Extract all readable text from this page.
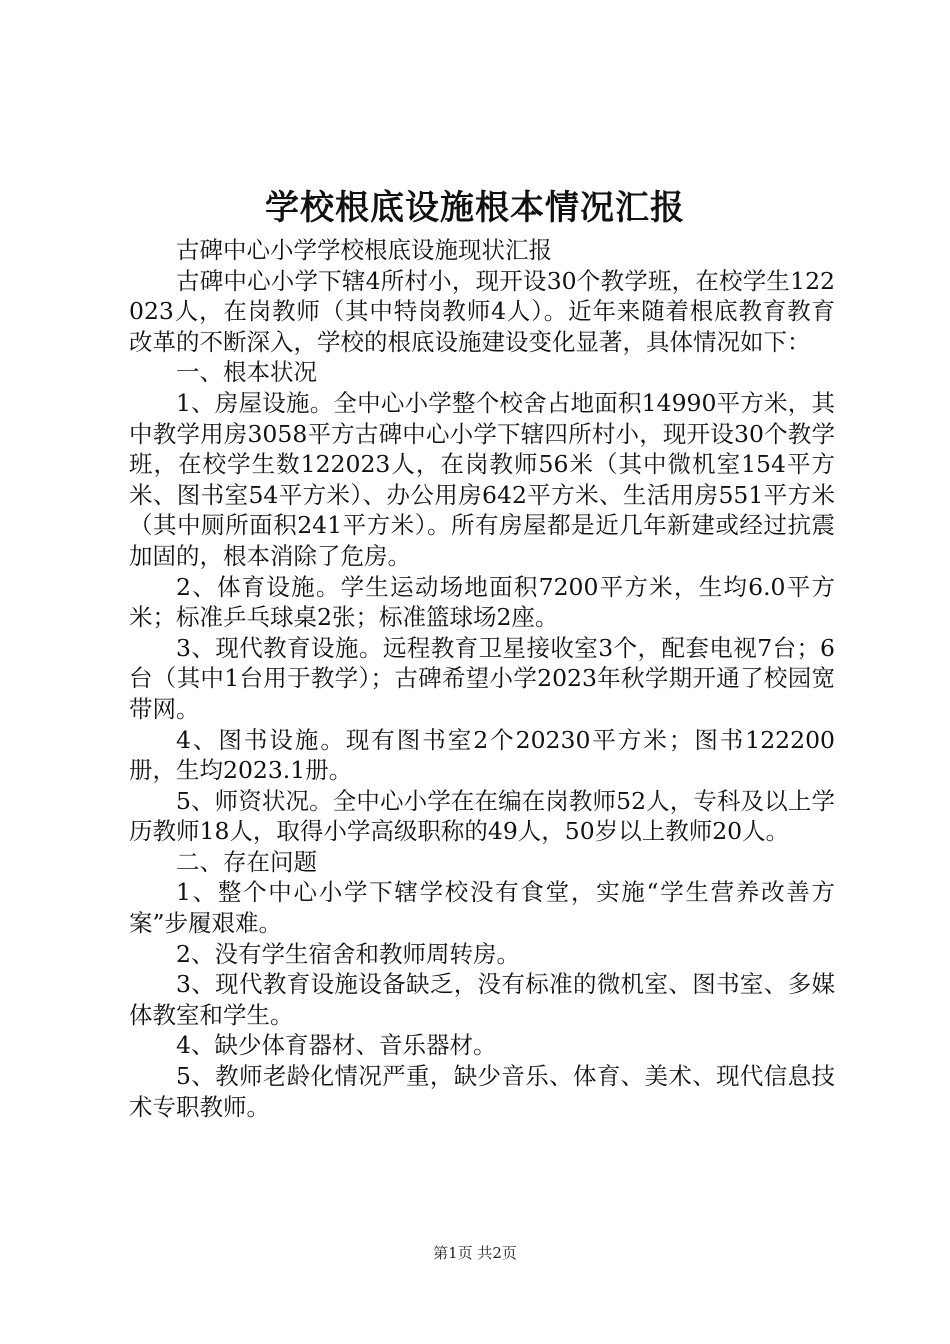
学校根底设施根本情况汇报

古碑中心小学学校根底设施现状汇报

古碑中心小学下辖4所村小，现开设30个教学班，在校学生122023人，在岗教师（其中特岗教师4人）。近年来随着根底教育教育改革的不断深入，学校的根底设施建设变化显著，具体情况如下：

一、根本状况

1、房屋设施。全中心小学整个校舍占地面积14990平方米，其中教学用房3058平方古碑中心小学下辖四所村小，现开设30个教学班，在校学生数122023人，在岗教师56米（其中微机室154平方米、图书室54平方米）、办公用房642平方米、生活用房551平方米（其中厕所面积241平方米）。所有房屋都是近几年新建或经过抗震加固的，根本消除了危房。

2、体育设施。学生运动场地面积7200平方米，生均6.0平方米；标准乒乓球桌2张；标准篮球场2座。

3、现代教育设施。远程教育卫星接收室3个，配套电视7台；6台（其中1台用于教学）；古碑希望小学2023年秋学期开通了校园宽带网。

4、图书设施。现有图书室2个20230平方米；图书122200册，生均2023.1册。

5、师资状况。全中心小学在在编在岗教师52人，专科及以上学历教师18人，取得小学高级职称的49人，50岁以上教师20人。

二、存在问题

1、整个中心小学下辖学校没有食堂，实施“学生营养改善方案”步履艰难。

2、没有学生宿舍和教师周转房。

3、现代教育设施设备缺乏，没有标准的微机室、图书室、多媒体教室和学生。

4、缺少体育器材、音乐器材。

5、教师老龄化情况严重，缺少音乐、体育、美术、现代信息技术专职教师。

第1页 共2页
